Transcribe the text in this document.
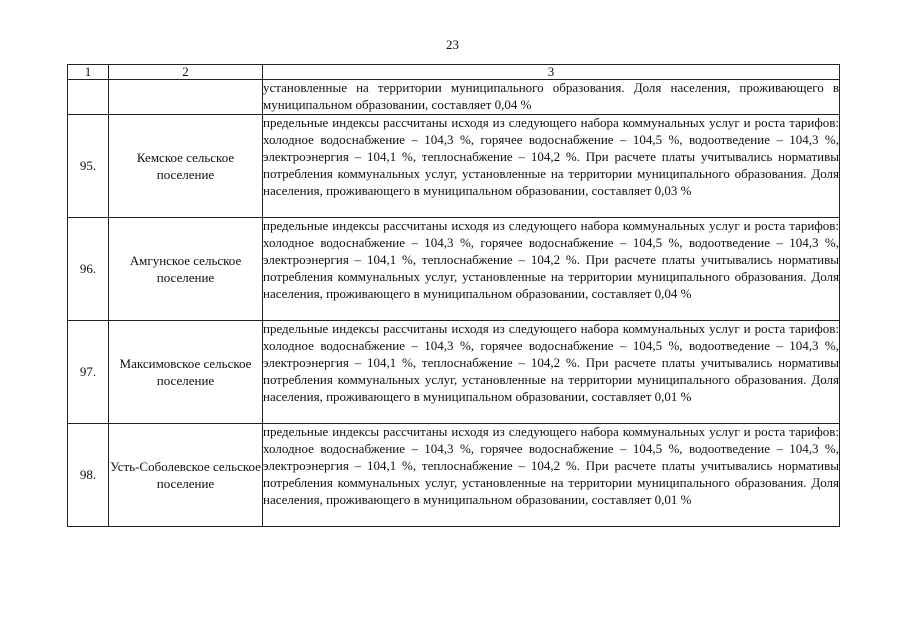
23
1	2	3
		установленные на территории муниципального образования. Доля населения, проживающего в муниципальном образовании, составляет 0,04 %
95.	Кемское сельское поселение	предельные индексы рассчитаны исходя из следующего набора коммунальных услуг и роста тарифов: холодное водоснабжение – 104,3 %, горячее водоснабжение – 104,5 %, водоотведение – 104,3 %, электроэнергия – 104,1 %, теплоснабжение – 104,2 %. При расчете платы учитывались нормативы потребления коммунальных услуг, установленные на территории муниципального образования. Доля населения, проживающего в муниципальном образовании, составляет 0,03 %
96.	Амгунское сельское поселение	предельные индексы рассчитаны исходя из следующего набора коммунальных услуг и роста тарифов: холодное водоснабжение – 104,3 %, горячее водоснабжение – 104,5 %, водоотведение – 104,3 %, электроэнергия – 104,1 %, теплоснабжение – 104,2 %. При расчете платы учитывались нормативы потребления коммунальных услуг, установленные на территории муниципального образования. Доля населения, проживающего в муниципальном образовании, составляет 0,04 %
97.	Максимовское сельское поселение	предельные индексы рассчитаны исходя из следующего набора коммунальных услуг и роста тарифов: холодное водоснабжение – 104,3 %, горячее водоснабжение – 104,5 %, водоотведение – 104,3 %, электроэнергия – 104,1 %, теплоснабжение – 104,2 %. При расчете платы учитывались нормативы потребления коммунальных услуг, установленные на территории муниципального образования. Доля населения, проживающего в муниципальном образовании, составляет 0,01 %
98.	Усть-Соболевское сельское поселение	предельные индексы рассчитаны исходя из следующего набора коммунальных услуг и роста тарифов: холодное водоснабжение – 104,3 %, горячее водоснабжение – 104,5 %, водоотведение – 104,3 %, электроэнергия – 104,1 %, теплоснабжение – 104,2 %. При расчете платы учитывались нормативы потребления коммунальных услуг, установленные на территории муниципального образования. Доля населения, проживающего в муниципальном образовании, составляет 0,01 %
